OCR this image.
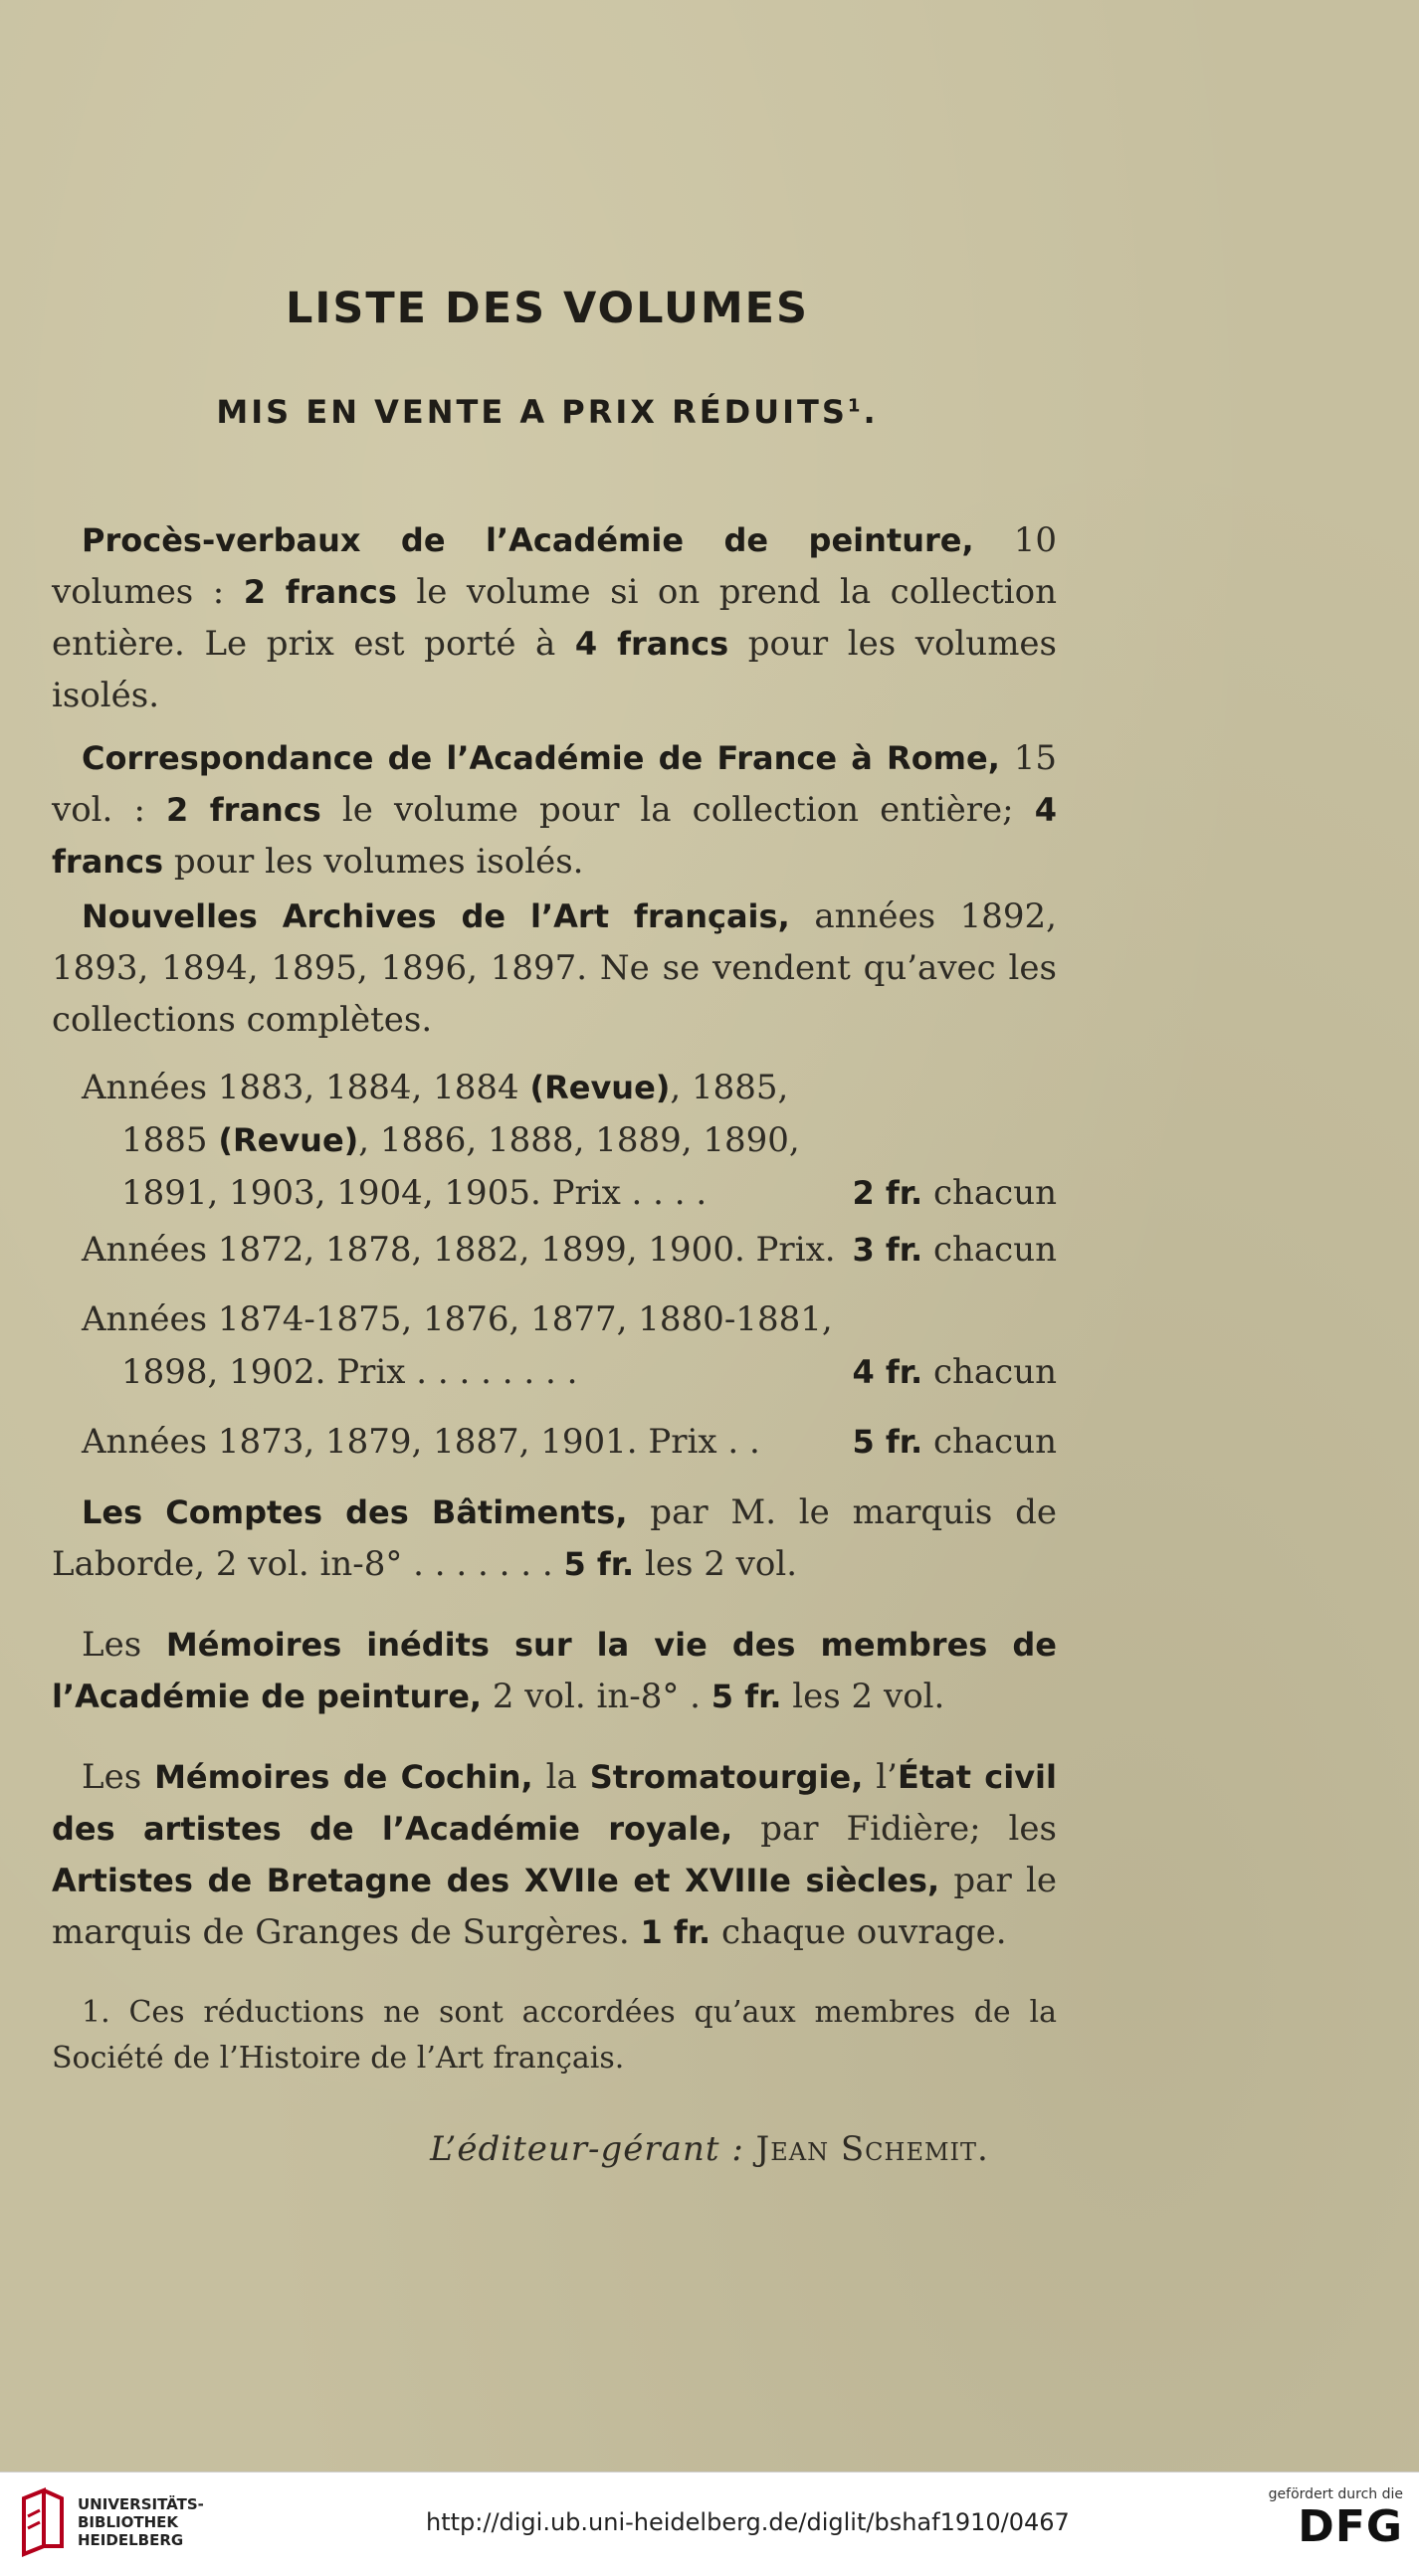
LISTE DES VOLUMES
MIS EN VENTE A PRIX RÉDUITS$^1$.
Procès-verbaux de l’Académie de peinture, 10 volumes : 2 francs le volume si on prend la collection entière. Le prix est porté à 4 francs pour les volumes isolés.
Correspondance de l’Académie de France à Rome, 15 vol. : 2 francs le volume pour la collection entière; 4 francs pour les volumes isolés.
Nouvelles Archives de l’Art français, années 1892, 1893, 1894, 1895, 1896, 1897. Ne se vendent qu’avec les collections complètes.
Années 1883, 1884, 1884 (Revue), 1885,
1885 (Revue), 1886, 1888, 1889, 1890,
1891, 1903, 1904, 1905. Prix . . . .	2 fr. chacun
Années 1872, 1878, 1882, 1899, 1900. Prix. 3 fr. chacun
Années 1874-1875, 1876, 1877, 1880-1881,
1898, 1902. Prix . . . . . . . .	4 fr. chacun
Années 1873, 1879, 1887, 1901. Prix . .	5 fr. chacun
Les Comptes des Bâtiments, par M. le marquis de Laborde, 2 vol. in-8° . . . . . . . 5 fr. les 2 vol.
Les Mémoires inédits sur la vie des membres de l’Académie de peinture, 2 vol. in-8° . 5 fr. les 2 vol.
Les Mémoires de Cochin, la Stromatourgie, l’État civil des artistes de l’Académie royale, par Fidière; les Artistes de Bretagne des XVIIe et XVIIIe siècles, par le marquis de Granges de Surgères. 1 fr. chaque ouvrage.
1. Ces réductions ne sont accordées qu’aux membres de la Société de l’Histoire de l’Art français.
L’éditeur-gérant : Jean Schemit.
UNIVERSITÄTS-
BIBLIOTHEK
HEIDELBERG
http://digi.ub.uni-heidelberg.de/diglit/bshaf1910/0467
gefördert durch die
DFG
